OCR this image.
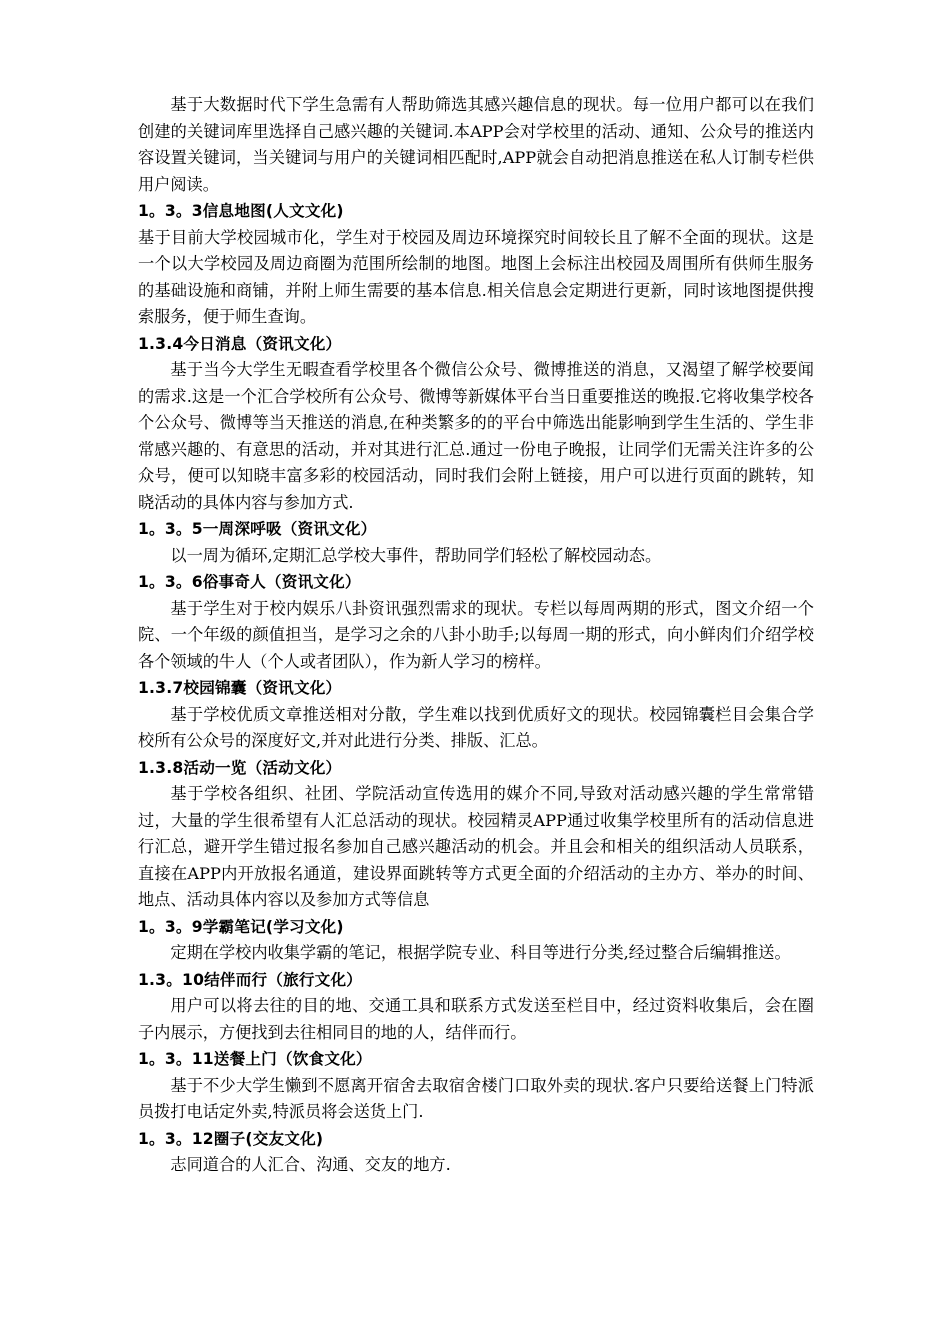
基于大数据时代下学生急需有人帮助筛选其感兴趣信息的现状。每一位用户都可以在我们创建的关键词库里选择自己感兴趣的关键词.本APP会对学校里的活动、通知、公众号的推送内容设置关键词，当关键词与用户的关键词相匹配时,APP就会自动把消息推送在私人订制专栏供用户阅读。

1。3。3信息地图(人文文化)

基于目前大学校园城市化，学生对于校园及周边环境探究时间较长且了解不全面的现状。这是一个以大学校园及周边商圈为范围所绘制的地图。地图上会标注出校园及周围所有供师生服务的基础设施和商铺，并附上师生需要的基本信息.相关信息会定期进行更新，同时该地图提供搜索服务，便于师生查询。

1.3.4今日消息（资讯文化）

基于当今大学生无暇查看学校里各个微信公众号、微博推送的消息，又渴望了解学校要闻的需求.这是一个汇合学校所有公众号、微博等新媒体平台当日重要推送的晚报.它将收集学校各个公众号、微博等当天推送的消息,在种类繁多的的平台中筛选出能影响到学生生活的、学生非常感兴趣的、有意思的活动，并对其进行汇总.通过一份电子晚报，让同学们无需关注许多的公众号，便可以知晓丰富多彩的校园活动，同时我们会附上链接，用户可以进行页面的跳转，知晓活动的具体内容与参加方式.

1。3。5一周深呼吸（资讯文化）

以一周为循环,定期汇总学校大事件，帮助同学们轻松了解校园动态。

1。3。6俗事奇人（资讯文化）

基于学生对于校内娱乐八卦资讯强烈需求的现状。专栏以每周两期的形式，图文介绍一个院、一个年级的颜值担当，是学习之余的八卦小助手;以每周一期的形式，向小鲜肉们介绍学校各个领域的牛人（个人或者团队），作为新人学习的榜样。

1.3.7校园锦囊（资讯文化）

基于学校优质文章推送相对分散，学生难以找到优质好文的现状。校园锦囊栏目会集合学校所有公众号的深度好文,并对此进行分类、排版、汇总。

1.3.8活动一览（活动文化）

基于学校各组织、社团、学院活动宣传选用的媒介不同,导致对活动感兴趣的学生常常错过，大量的学生很希望有人汇总活动的现状。校园精灵APP通过收集学校里所有的活动信息进行汇总，避开学生错过报名参加自己感兴趣活动的机会。并且会和相关的组织活动人员联系，直接在APP内开放报名通道，建设界面跳转等方式更全面的介绍活动的主办方、举办的时间、地点、活动具体内容以及参加方式等信息

1。3。9学霸笔记(学习文化)

定期在学校内收集学霸的笔记，根据学院专业、科目等进行分类,经过整合后编辑推送。

1.3。10结伴而行（旅行文化）

用户可以将去往的目的地、交通工具和联系方式发送至栏目中，经过资料收集后，会在圈子内展示，方便找到去往相同目的地的人，结伴而行。

1。3。11送餐上门（饮食文化）

基于不少大学生懒到不愿离开宿舍去取宿舍楼门口取外卖的现状.客户只要给送餐上门特派员拨打电话定外卖,特派员将会送货上门.

1。3。12圈子(交友文化)

志同道合的人汇合、沟通、交友的地方.
